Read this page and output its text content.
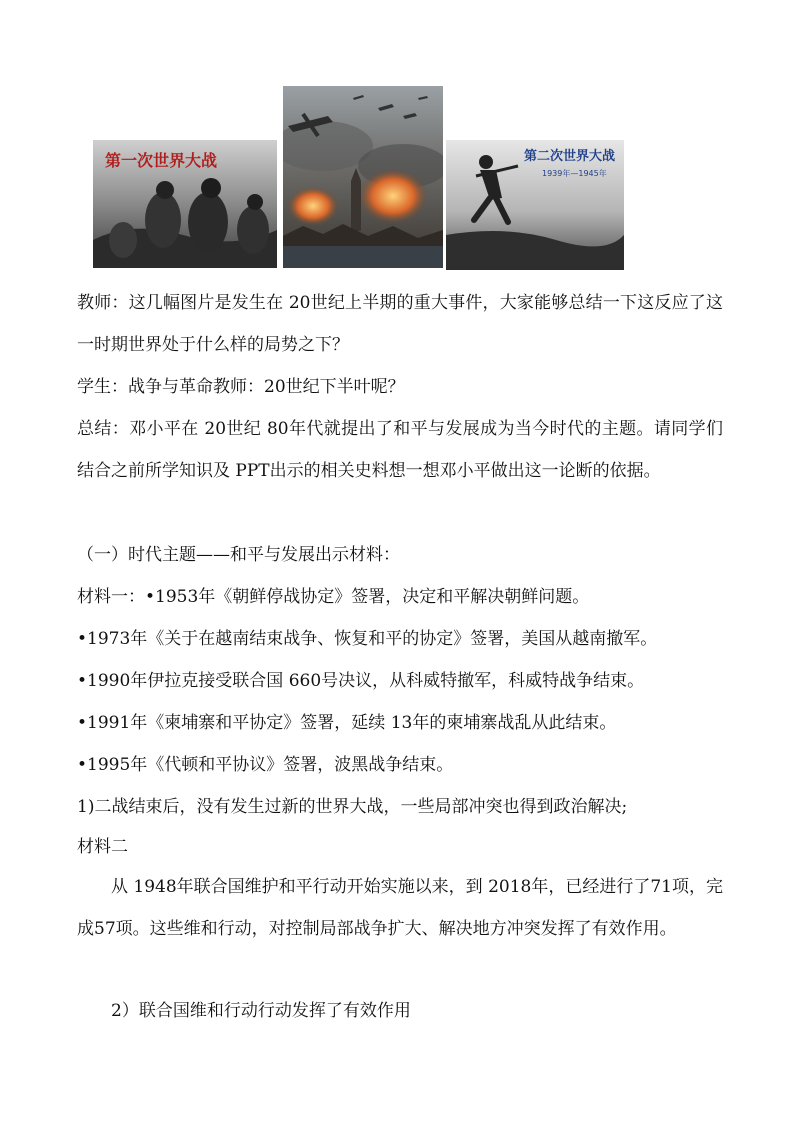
第一次世界大战	第二次世界大战
1939年—1945年

教师：这几幅图片是发生在 20世纪上半期的重大事件，大家能够总结一下这反应了这一时期世界处于什么样的局势之下？

学生：战争与革命教师：20世纪下半叶呢？

总结：邓小平在 20世纪 80年代就提出了和平与发展成为当今时代的主题。请同学们结合之前所学知识及 PPT出示的相关史料想一想邓小平做出这一论断的依据。

（一）时代主题——和平与发展出示材料：

材料一：•1953年《朝鲜停战协定》签署，决定和平解决朝鲜问题。

•1973年《关于在越南结束战争、恢复和平的协定》签署，美国从越南撤军。

•1990年伊拉克接受联合国 660号决议，从科威特撤军，科威特战争结束。

•1991年《柬埔寨和平协定》签署，延续 13年的柬埔寨战乱从此结束。

•1995年《代顿和平协议》签署，波黑战争结束。

1)二战结束后，没有发生过新的世界大战，一些局部冲突也得到政治解决;

材料二

从 1948年联合国维护和平行动开始实施以来，到 2018年，已经进行了71项，完成57项。这些维和行动，对控制局部战争扩大、解决地方冲突发挥了有效作用。

2）联合国维和行动行动发挥了有效作用
